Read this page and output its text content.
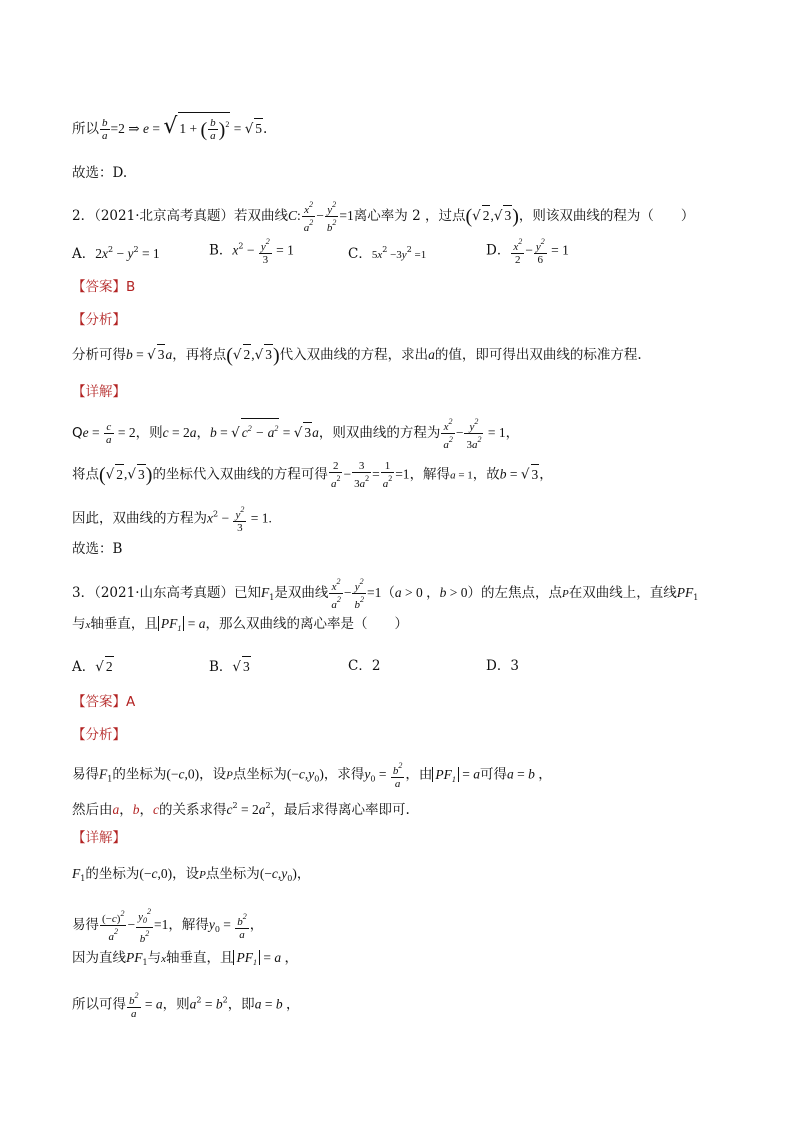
所以 $\frac{b}{a} =2$ ⇒ e = √ 1 + ( $\frac{b}{a} )^2$ = √ 5.
故选：D.
2．（2021·北京高考真题）若双曲线C: $\frac{x^2}{a^2} - \frac{y^2}{b^2} =1$离心率为 2 ，过点(√ 2,√ 3)，则该双曲线的程为（　　）
A．$2x^2 - y^2 = 1$	B．$x^2 - \frac{y^2}{3} = 1$	C．$5x^2 -3y^2 =1$	D． $\frac{x^2}{2} - \frac{y^2}{6} = 1$
【答案】B
【分析】
分析可得b = √ 3a，再将点(√ 2,√ 3)代入双曲线的方程，求出a的值，即可得出双曲线的标准方程.
【详解】
$Qe = \frac{c}{a} = 2$，则c = 2a，b = √ $c^2 - a^2$ = √ 3a，则双曲线的方程为 $\frac{x^2}{a^2} - \frac{y^2}{3a^2} = 1$，
将点(√ 2,√ 3)的坐标代入双曲线的方程可得 $\frac{2}{a^2} - \frac{3}{3a^2} = \frac{1}{a^2} =1$，解得a = 1，故b = √ 3，
因此，双曲线的方程为$x^2 - \frac{y^2}{3} = 1$.
故选：B
3．（2021·山东高考真题）已知$F_1$是双曲线 $\frac{x^2}{a^2} - \frac{y^2}{b^2} =1(a > 0$ ，b > 0）的左焦点，点P在双曲线上，直线$PF_1$
与x轴垂直，且 $PF_1 = a$，那么双曲线的离心率是（　　）
A．√ 2	B．√ 3	C．2	D．3
【答案】A
【分析】
易得$F_1$的坐标为(−c,0)，设P点坐标为$(-c,y_0)$，求得$y_0 = \frac{b^2}{a}$ ，由 $PF_1 = a$可得a = b ，
然后由a，b，c的关系求得$c^2 = 2a^2$，最后求得离心率即可.
【详解】
$F_1$的坐标为(−c,0)，设P点坐标为$(-c,y_0)$，
易得 $\frac{(-c)^2}{a^2} - \frac{y_0^2}{b^2} =1$，解得$y_0 = \frac{b^2}{a}$ ，
因为直线$PF_1$与x轴垂直，且 $PF_1 = a$ ，
所以可得 $\frac{b^2}{a} = a$，则$a^2 = b^2$，即a = b ，
